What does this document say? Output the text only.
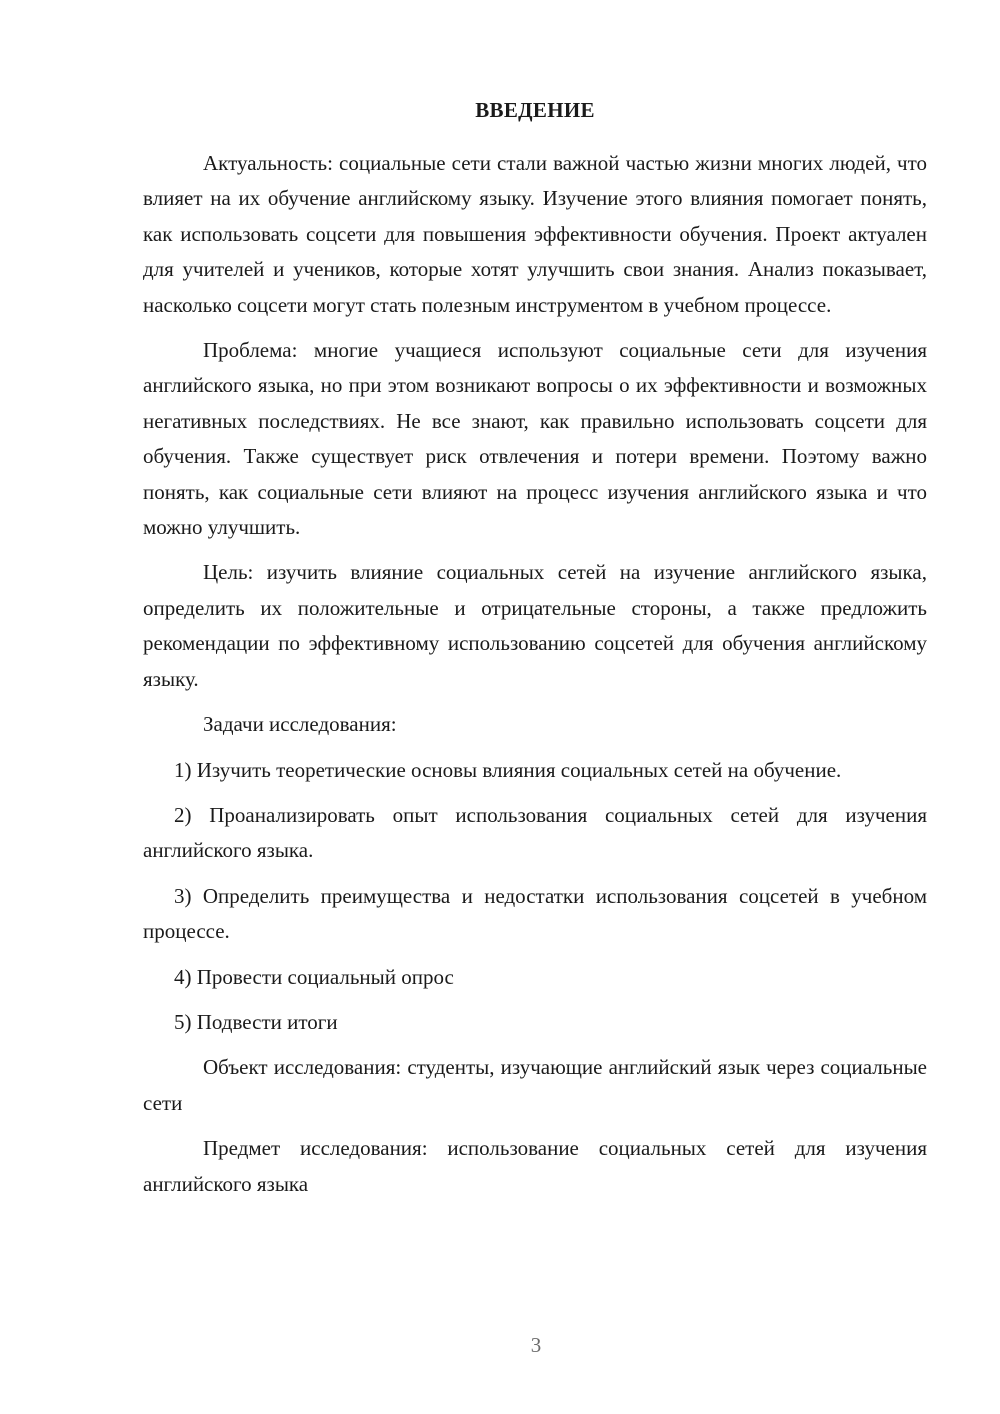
ВВЕДЕНИЕ

Актуальность: социальные сети стали важной частью жизни многих людей, что влияет на их обучение английскому языку. Изучение этого влияния помогает понять, как использовать соцсети для повышения эффективности обучения. Проект актуален для учителей и учеников, которые хотят улучшить свои знания. Анализ показывает, насколько соцсети могут стать полезным инструментом в учебном процессе.

Проблема: многие учащиеся используют социальные сети для изучения английского языка, но при этом возникают вопросы о их эффективности и возможных негативных последствиях. Не все знают, как правильно использовать соцсети для обучения. Также существует риск отвлечения и потери времени. Поэтому важно понять, как социальные сети влияют на процесс изучения английского языка и что можно улучшить.

Цель: изучить влияние социальных сетей на изучение английского языка, определить их положительные и отрицательные стороны, а также предложить рекомендации по эффективному использованию соцсетей для обучения английскому языку.

Задачи исследования:

1) Изучить теоретические основы влияния социальных сетей на обучение.

2) Проанализировать опыт использования социальных сетей для изучения английского языка.

3) Определить преимущества и недостатки использования соцсетей в учебном процессе.

4) Провести социальный опрос

5) Подвести итоги

Объект исследования: студенты, изучающие английский язык через социальные сети

Предмет исследования: использование социальных сетей для изучения английского языка

3
